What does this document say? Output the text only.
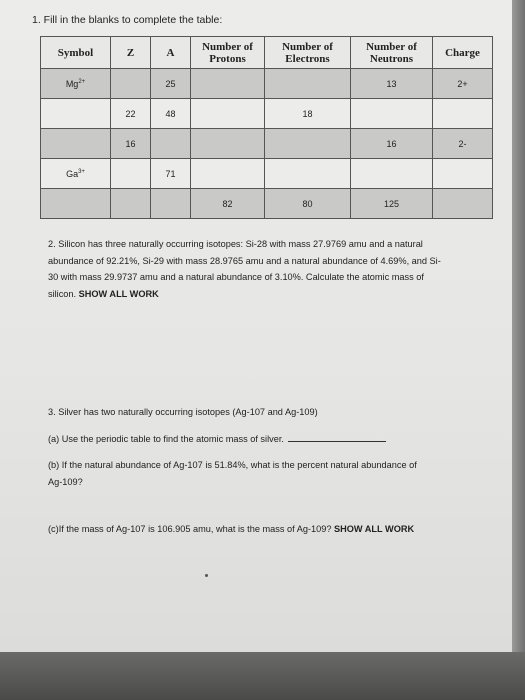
1. Fill in the blanks to complete the table:
Symbol	Z	A	Number of Protons	Number of Electrons	Number of Neutrons	Charge
$Mg^{2+}$		25			13	2+
	22	48		18		
	16				16	2-
$Ga^{3+}$		71				
			82	80	125	
2. Silicon has three naturally occurring isotopes: Si-28 with mass 27.9769 amu and a natural
abundance of 92.21%, Si-29 with mass 28.9765 amu and a natural abundance of 4.69%, and Si-
30 with mass 29.9737 amu and a natural abundance of 3.10%. Calculate the atomic mass of
silicon. SHOW ALL WORK
3. Silver has two naturally occurring isotopes (Ag-107 and Ag-109)
(a) Use the periodic table to find the atomic mass of silver.
(b) If the natural abundance of Ag-107 is 51.84%, what is the percent natural abundance of
Ag-109?
(c)If the mass of Ag-107 is 106.905 amu, what is the mass of Ag-109? SHOW ALL WORK
